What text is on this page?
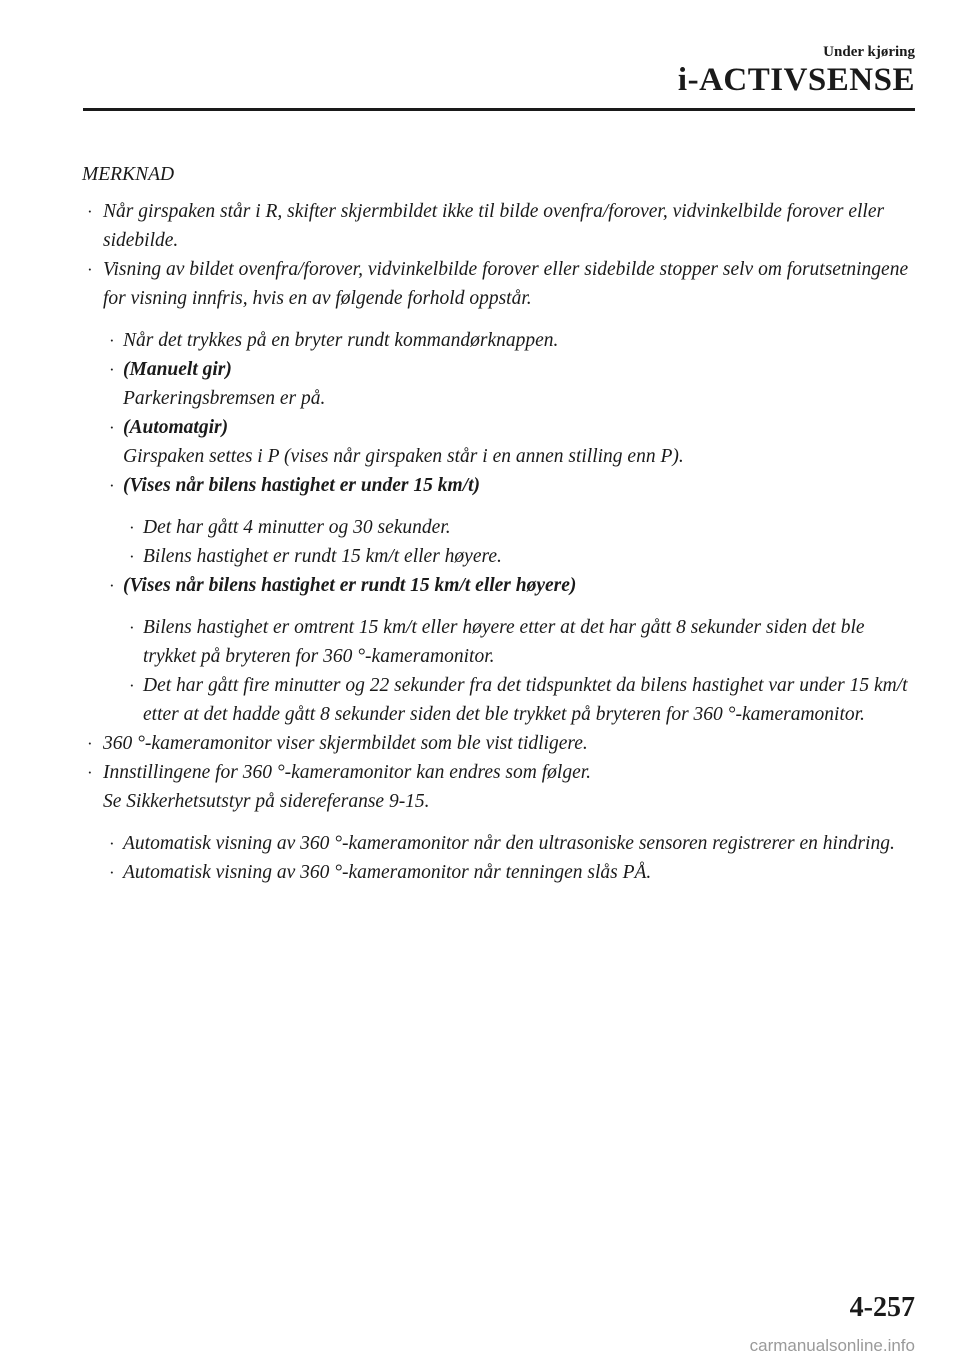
Under kjøring
i-ACTIVSENSE
MERKNAD
· Når girspaken står i R, skifter skjermbildet ikke til bilde ovenfra/forover, vidvinkelbilde forover eller sidebilde.
· Visning av bildet ovenfra/forover, vidvinkelbilde forover eller sidebilde stopper selv om forutsetningene for visning innfris, hvis en av følgende forhold oppstår.
· Når det trykkes på en bryter rundt kommandørknappen.
· (Manuelt gir)
Parkeringsbremsen er på.
· (Automatgir)
Girspaken settes i P (vises når girspaken står i en annen stilling enn P).
· (Vises når bilens hastighet er under 15 km/t)
· Det har gått 4 minutter og 30 sekunder.
· Bilens hastighet er rundt 15 km/t eller høyere.
· (Vises når bilens hastighet er rundt 15 km/t eller høyere)
· Bilens hastighet er omtrent 15 km/t eller høyere etter at det har gått 8 sekunder siden det ble trykket på bryteren for 360 °-kameramonitor.
· Det har gått fire minutter og 22 sekunder fra det tidspunktet da bilens hastighet var under 15 km/t etter at det hadde gått 8 sekunder siden det ble trykket på bryteren for 360 °-kameramonitor.
· 360 °-kameramonitor viser skjermbildet som ble vist tidligere.
· Innstillingene for 360 °-kameramonitor kan endres som følger.
Se Sikkerhetsutstyr på sidereferanse 9-15.
· Automatisk visning av 360 °-kameramonitor når den ultrasoniske sensoren registrerer en hindring.
· Automatisk visning av 360 °-kameramonitor når tenningen slås PÅ.
4-257
carmanualsonline.info
